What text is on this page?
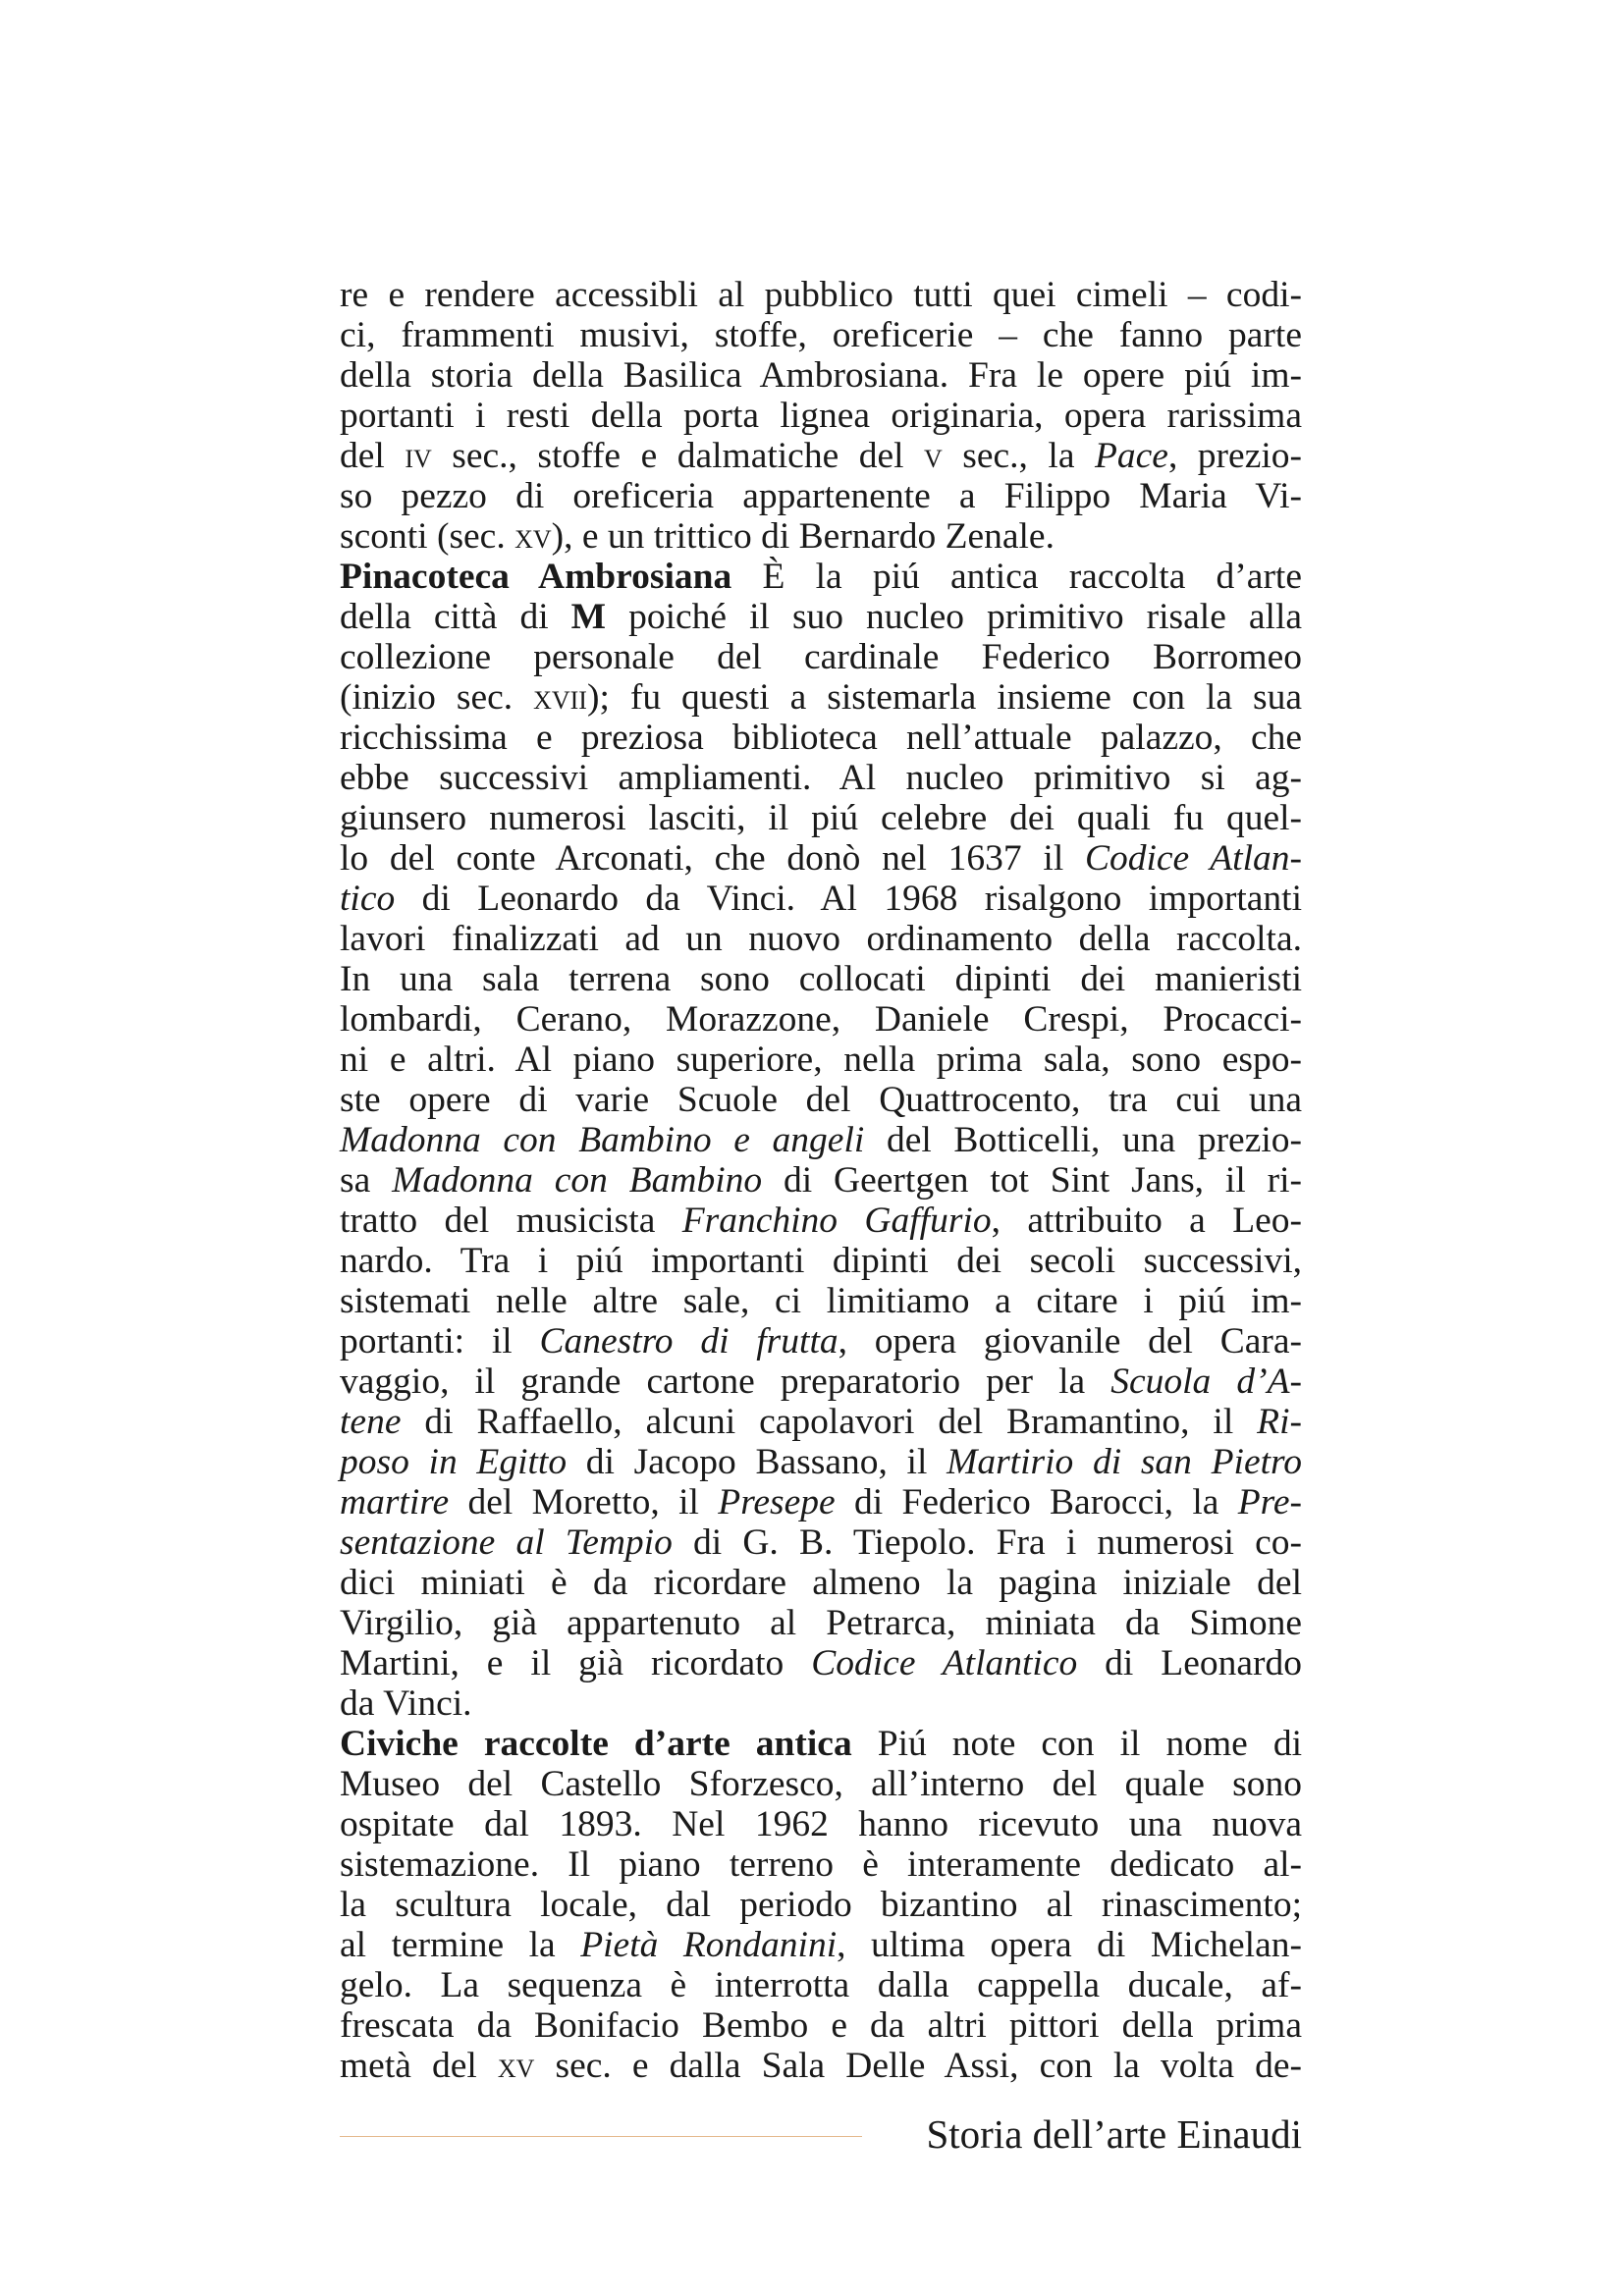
re e rendere accessibli al pubblico tutti quei cimeli – codi-
ci, frammenti musivi, stoffe, oreficerie – che fanno parte
della storia della Basilica Ambrosiana. Fra le opere piú im-
portanti i resti della porta lignea originaria, opera rarissima
del iv sec., stoffe e dalmatiche del v sec., la Pace, prezio-
so pezzo di oreficeria appartenente a Filippo Maria Vi-
sconti (sec. xv), e un trittico di Bernardo Zenale.
Pinacoteca Ambrosiana È la piú antica raccolta d’arte
della città di M poiché il suo nucleo primitivo risale alla
collezione personale del cardinale Federico Borromeo
(inizio sec. xvii); fu questi a sistemarla insieme con la sua
ricchissima e preziosa biblioteca nell’attuale palazzo, che
ebbe successivi ampliamenti. Al nucleo primitivo si ag-
giunsero numerosi lasciti, il piú celebre dei quali fu quel-
lo del conte Arconati, che donò nel 1637 il Codice Atlan-
tico di Leonardo da Vinci. Al 1968 risalgono importanti
lavori finalizzati ad un nuovo ordinamento della raccolta.
In una sala terrena sono collocati dipinti dei manieristi
lombardi, Cerano, Morazzone, Daniele Crespi, Procacci-
ni e altri. Al piano superiore, nella prima sala, sono espo-
ste opere di varie Scuole del Quattrocento, tra cui una
Madonna con Bambino e angeli del Botticelli, una prezio-
sa Madonna con Bambino di Geertgen tot Sint Jans, il ri-
tratto del musicista Franchino Gaffurio, attribuito a Leo-
nardo. Tra i piú importanti dipinti dei secoli successivi,
sistemati nelle altre sale, ci limitiamo a citare i piú im-
portanti: il Canestro di frutta, opera giovanile del Cara-
vaggio, il grande cartone preparatorio per la Scuola d’A-
tene di Raffaello, alcuni capolavori del Bramantino, il Ri-
poso in Egitto di Jacopo Bassano, il Martirio di san Pietro
martire del Moretto, il Presepe di Federico Barocci, la Pre-
sentazione al Tempio di G. B. Tiepolo. Fra i numerosi co-
dici miniati è da ricordare almeno la pagina iniziale del
Virgilio, già appartenuto al Petrarca, miniata da Simone
Martini, e il già ricordato Codice Atlantico di Leonardo
da Vinci.
Civiche raccolte d’arte antica Piú note con il nome di
Museo del Castello Sforzesco, all’interno del quale sono
ospitate dal 1893. Nel 1962 hanno ricevuto una nuova
sistemazione. Il piano terreno è interamente dedicato al-
la scultura locale, dal periodo bizantino al rinascimento;
al termine la Pietà Rondanini, ultima opera di Michelan-
gelo. La sequenza è interrotta dalla cappella ducale, af-
frescata da Bonifacio Bembo e da altri pittori della prima
metà del xv sec. e dalla Sala Delle Assi, con la volta de-
Storia dell’arte Einaudi
